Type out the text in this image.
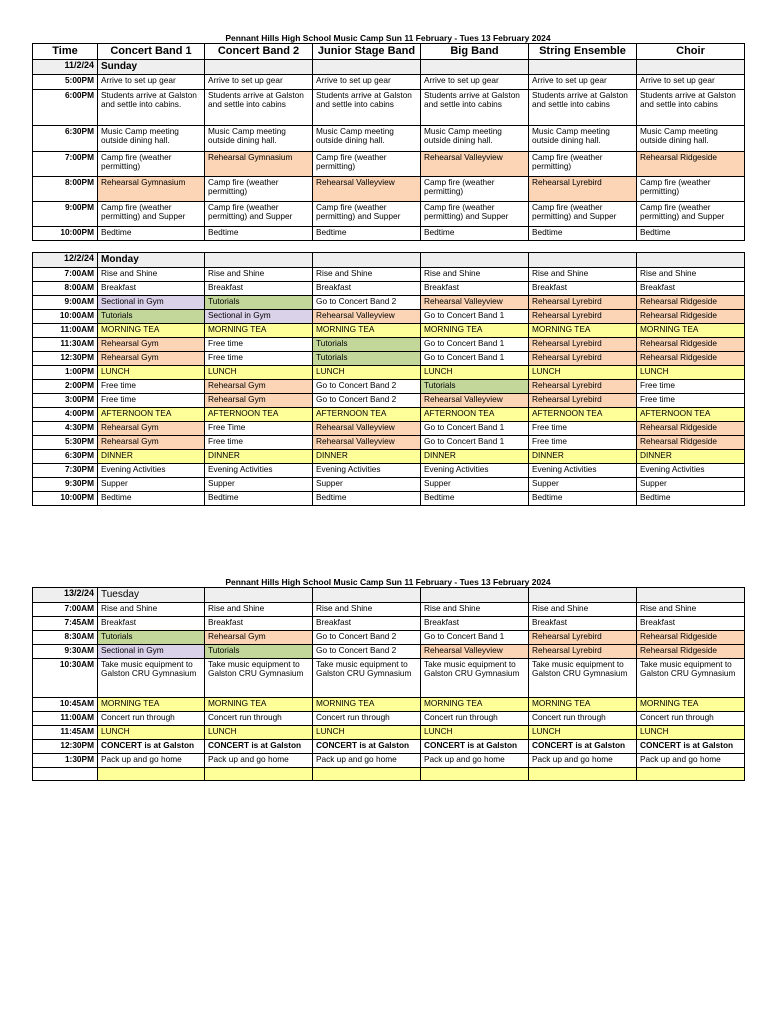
Pennant Hills High School Music Camp Sun 11 February - Tues 13 February 2024
Time	Concert Band 1	Concert Band 2	Junior Stage Band	Big Band	String Ensemble	Choir
11/2/24	Sunday					
5:00PM	Arrive to set up gear	Arrive to set up gear	Arrive to set up gear	Arrive to set up gear	Arrive to set up gear	Arrive to set up gear
6:00PM	Students arrive at Galston and settle into cabins.	Students arrive at Galston and settle into cabins	Students arrive at Galston and settle into cabins	Students arrive at Galston and settle into cabins	Students arrive at Galston and settle into cabins	Students arrive at Galston and settle into cabins
6:30PM	Music Camp meeting outside dining hall.	Music Camp meeting outside dining hall.	Music Camp meeting outside dining hall.	Music Camp meeting outside dining hall.	Music Camp meeting outside dining hall.	Music Camp meeting outside dining hall.
7:00PM	Camp fire (weather permitting)	Rehearsal Gymnasium	Camp fire (weather permitting)	Rehearsal Valleyview	Camp fire (weather permitting)	Rehearsal Ridgeside
8:00PM	Rehearsal Gymnasium	Camp fire (weather permitting)	Rehearsal Valleyview	Camp fire (weather permitting)	Rehearsal Lyrebird	Camp fire (weather permitting)
9:00PM	Camp fire (weather permitting) and Supper	Camp fire (weather permitting) and Supper	Camp fire (weather permitting) and Supper	Camp fire (weather permitting) and Supper	Camp fire (weather permitting) and Supper	Camp fire (weather permitting) and Supper
10:00PM	Bedtime	Bedtime	Bedtime	Bedtime	Bedtime	Bedtime

12/2/24	Monday					
7:00AM	Rise and Shine	Rise and Shine	Rise and Shine	Rise and Shine	Rise and Shine	Rise and Shine
8:00AM	Breakfast	Breakfast	Breakfast	Breakfast	Breakfast	Breakfast
9:00AM	Sectional in Gym	Tutorials	Go to Concert Band 2	Rehearsal Valleyview	Rehearsal Lyrebird	Rehearsal Ridgeside
10:00AM	Tutorials	Sectional in Gym	Rehearsal Valleyview	Go to Concert Band 1	Rehearsal Lyrebird	Rehearsal Ridgeside
11:00AM	MORNING TEA	MORNING TEA	MORNING TEA	MORNING TEA	MORNING TEA	MORNING TEA
11:30AM	Rehearsal Gym	Free time	Tutorials	Go to Concert Band 1	Rehearsal Lyrebird	Rehearsal Ridgeside
12:30PM	Rehearsal Gym	Free time	Tutorials	Go to Concert Band 1	Rehearsal Lyrebird	Rehearsal Ridgeside
1:00PM	LUNCH	LUNCH	LUNCH	LUNCH	LUNCH	LUNCH
2:00PM	Free time	Rehearsal Gym	Go to Concert Band 2	Tutorials	Rehearsal Lyrebird	Free time
3:00PM	Free time	Rehearsal Gym	Go to Concert Band 2	Rehearsal Valleyview	Rehearsal Lyrebird	Free time
4:00PM	AFTERNOON TEA	AFTERNOON TEA	AFTERNOON TEA	AFTERNOON TEA	AFTERNOON TEA	AFTERNOON TEA
4:30PM	Rehearsal Gym	Free Time	Rehearsal Valleyview	Go to Concert Band 1	Free time	Rehearsal Ridgeside
5:30PM	Rehearsal Gym	Free time	Rehearsal Valleyview	Go to Concert Band 1	Free time	Rehearsal Ridgeside
6:30PM	DINNER	DINNER	DINNER	DINNER	DINNER	DINNER
7:30PM	Evening Activities	Evening Activities	Evening Activities	Evening Activities	Evening Activities	Evening Activities
9:30PM	Supper	Supper	Supper	Supper	Supper	Supper
10:00PM	Bedtime	Bedtime	Bedtime	Bedtime	Bedtime	Bedtime
Pennant Hills High School Music Camp Sun 11 February - Tues 13 February 2024
13/2/24	Tuesday					
7:00AM	Rise and Shine	Rise and Shine	Rise and Shine	Rise and Shine	Rise and Shine	Rise and Shine
7:45AM	Breakfast	Breakfast	Breakfast	Breakfast	Breakfast	Breakfast
8:30AM	Tutorials	Rehearsal Gym	Go to Concert Band 2	Go to Concert Band 1	Rehearsal Lyrebird	Rehearsal Ridgeside
9:30AM	Sectional in Gym	Tutorials	Go to Concert Band 2	Rehearsal Valleyview	Rehearsal Lyrebird	Rehearsal Ridgeside
10:30AM	Take music equipment to Galston CRU Gymnasium	Take music equipment to Galston CRU Gymnasium	Take music equipment to Galston CRU Gymnasium	Take music equipment to Galston CRU Gymnasium	Take music equipment to Galston CRU Gymnasium	Take music equipment to Galston CRU Gymnasium
10:45AM	MORNING TEA	MORNING TEA	MORNING TEA	MORNING TEA	MORNING TEA	MORNING TEA
11:00AM	Concert run through	Concert run through	Concert run through	Concert run through	Concert run through	Concert run through
11:45AM	LUNCH	LUNCH	LUNCH	LUNCH	LUNCH	LUNCH
12:30PM	CONCERT is at Galston	CONCERT is at Galston	CONCERT is at Galston	CONCERT is at Galston	CONCERT is at Galston	CONCERT is at Galston
1:30PM	Pack up and go home	Pack up and go home	Pack up and go home	Pack up and go home	Pack up and go home	Pack up and go home
